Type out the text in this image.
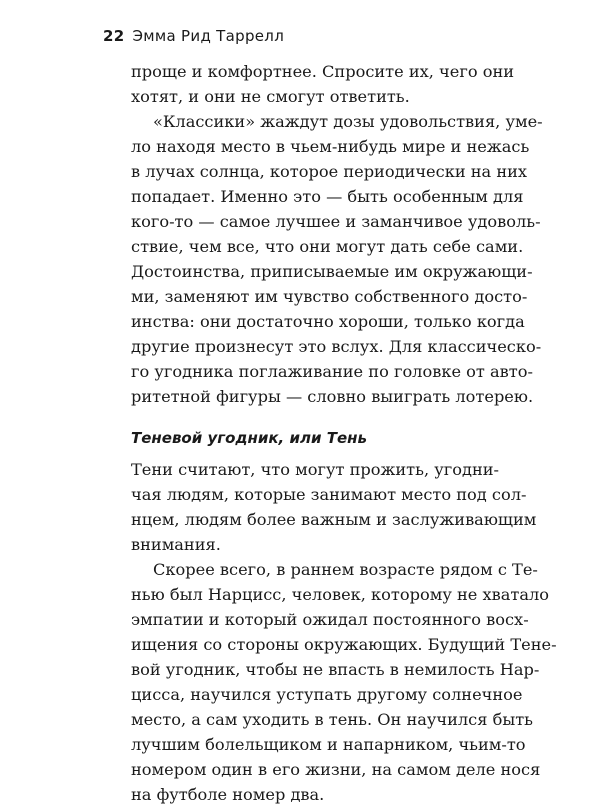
22 Эмма Рид Таррелл
проще и комфортнее. Спросите их, чего они
хотят, и они не смогут ответить.
«Классики» жаждут дозы удовольствия, уме-
ло находя место в чьем-нибудь мире и нежась
в лучах солнца, которое периодически на них
попадает. Именно это — быть особенным для
кого-то — самое лучшее и заманчивое удоволь-
ствие, чем все, что они могут дать себе сами.
Достоинства, приписываемые им окружающи-
ми, заменяют им чувство собственного досто-
инства: они достаточно хороши, только когда
другие произнесут это вслух. Для классическо-
го угодника поглаживание по головке от авто-
ритетной фигуры — словно выиграть лотерею.
Теневой угодник, или Тень
Тени считают, что могут прожить, угодни-
чая людям, которые занимают место под сол-
нцем, людям более важным и заслуживающим
внимания.
Скорее всего, в раннем возрасте рядом с Те-
нью был Нарцисс, человек, которому не хватало
эмпатии и который ожидал постоянного восх-
ищения со стороны окружающих. Будущий Тене-
вой угодник, чтобы не впасть в немилость Нар-
цисса, научился уступать другому солнечное
место, а сам уходить в тень. Он научился быть
лучшим болельщиком и напарником, чьим-то
номером один в его жизни, на самом деле нося
на футболе номер два.
